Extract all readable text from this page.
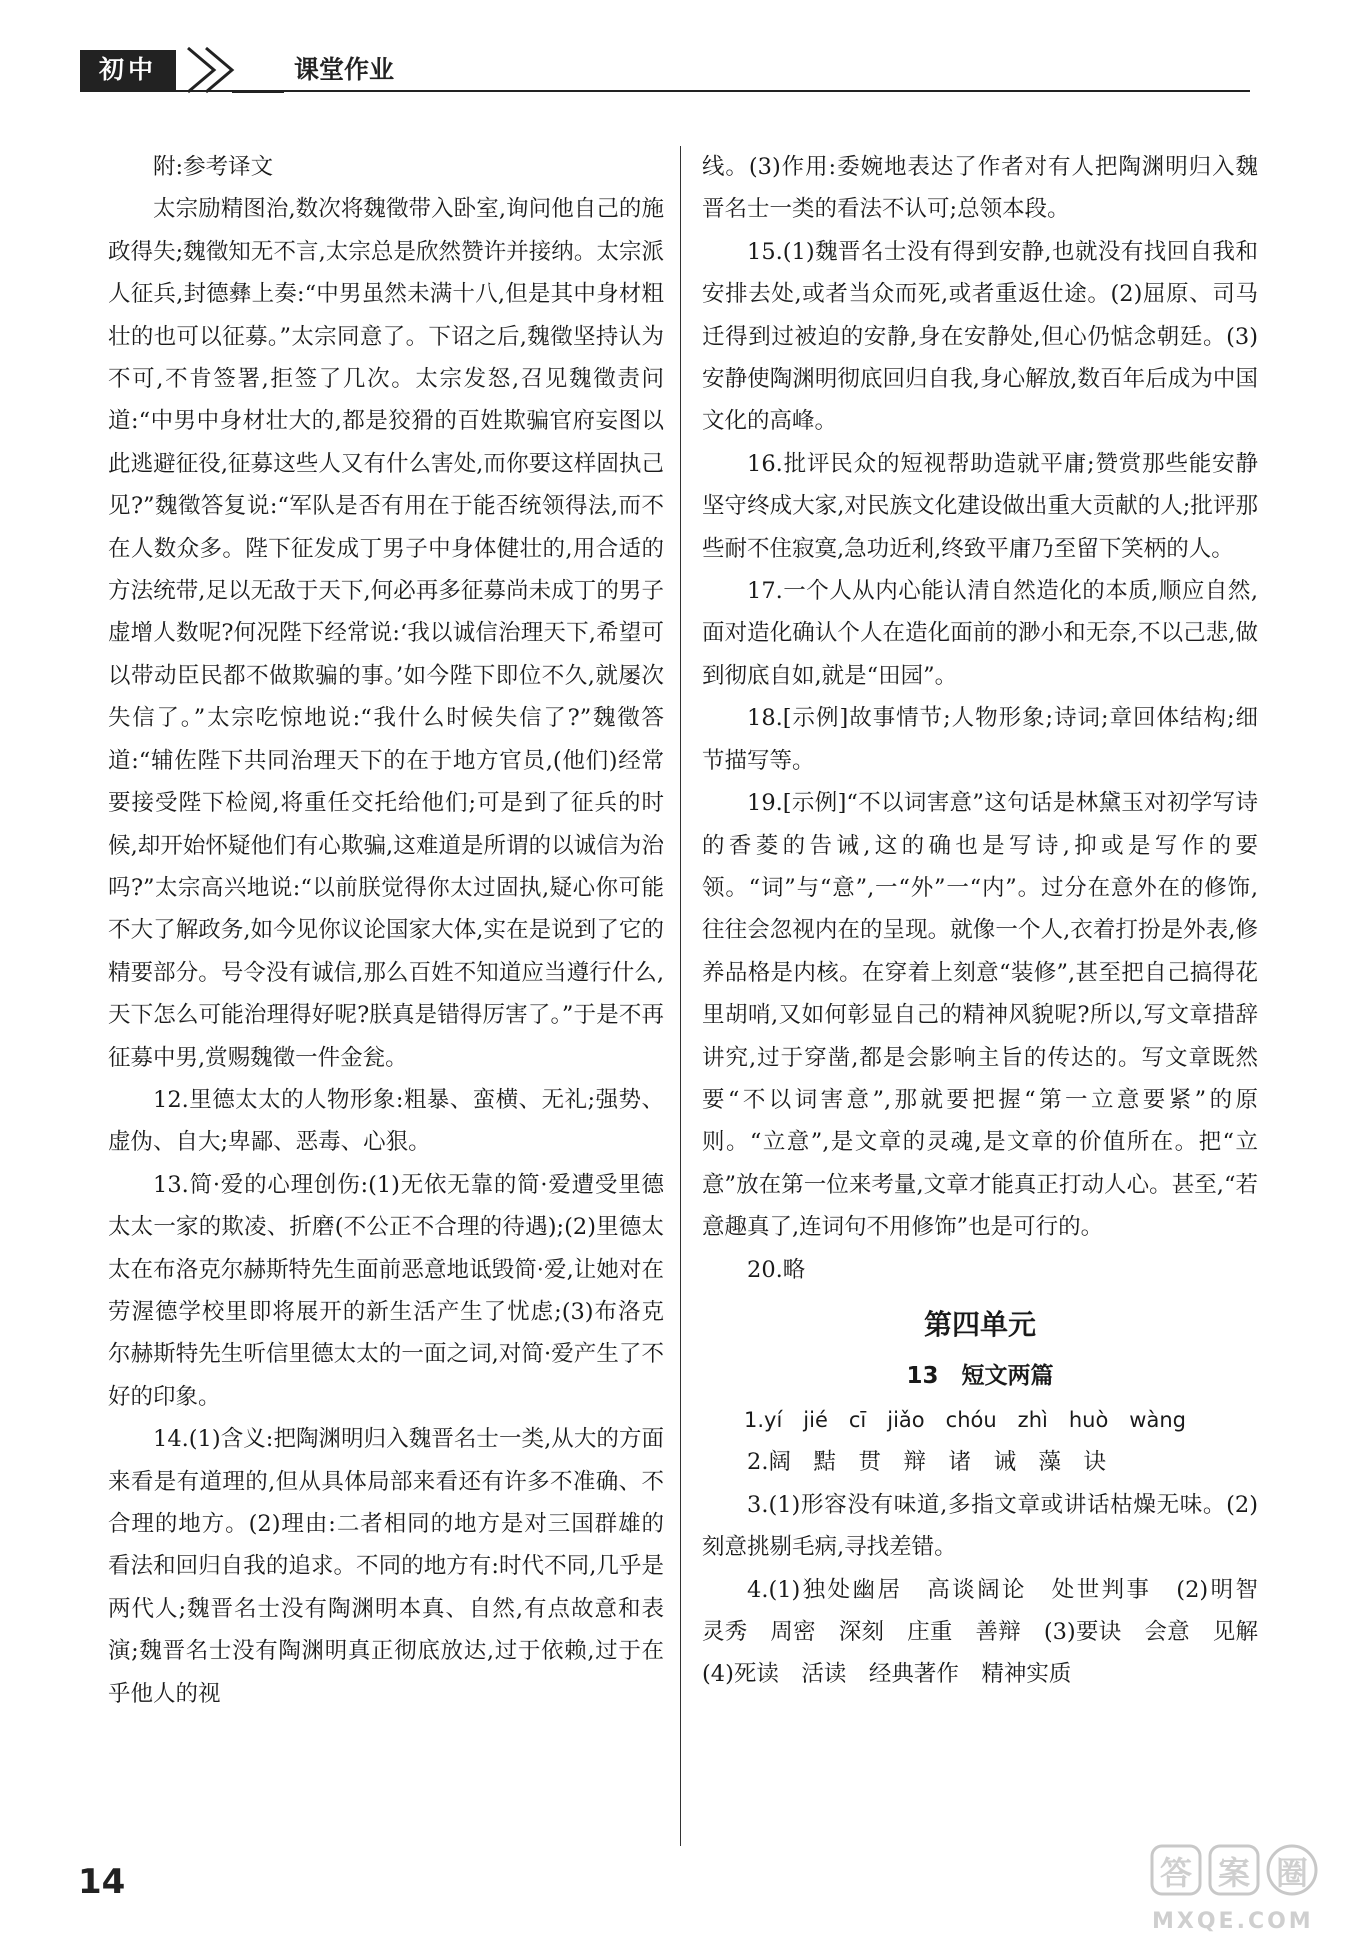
初中	课堂作业

附:参考译文

太宗励精图治,数次将魏徵带入卧室,询问他自己的施政得失;魏徵知无不言,太宗总是欣然赞许并接纳。太宗派人征兵,封德彝上奏:“中男虽然未满十八,但是其中身材粗壮的也可以征募。”太宗同意了。下诏之后,魏徵坚持认为不可,不肯签署,拒签了几次。太宗发怒,召见魏徵责问道:“中男中身材壮大的,都是狡猾的百姓欺骗官府妄图以此逃避征役,征募这些人又有什么害处,而你要这样固执己见?”魏徵答复说:“军队是否有用在于能否统领得法,而不在人数众多。陛下征发成丁男子中身体健壮的,用合适的方法统带,足以无敌于天下,何必再多征募尚未成丁的男子虚增人数呢?何况陛下经常说:‘我以诚信治理天下,希望可以带动臣民都不做欺骗的事。’如今陛下即位不久,就屡次失信了。”太宗吃惊地说:“我什么时候失信了?”魏徵答道:“辅佐陛下共同治理天下的在于地方官员,(他们)经常要接受陛下检阅,将重任交托给他们;可是到了征兵的时候,却开始怀疑他们有心欺骗,这难道是所谓的以诚信为治吗?”太宗高兴地说:“以前朕觉得你太过固执,疑心你可能不大了解政务,如今见你议论国家大体,实在是说到了它的精要部分。号令没有诚信,那么百姓不知道应当遵行什么,天下怎么可能治理得好呢?朕真是错得厉害了。”于是不再征募中男,赏赐魏徵一件金瓮。

12.里德太太的人物形象:粗暴、蛮横、无礼;强势、虚伪、自大;卑鄙、恶毒、心狠。

13.简·爱的心理创伤:(1)无依无靠的简·爱遭受里德太太一家的欺凌、折磨(不公正不合理的待遇);(2)里德太太在布洛克尔赫斯特先生面前恶意地诋毁简·爱,让她对在劳渥德学校里即将展开的新生活产生了忧虑;(3)布洛克尔赫斯特先生听信里德太太的一面之词,对简·爱产生了不好的印象。

14.(1)含义:把陶渊明归入魏晋名士一类,从大的方面来看是有道理的,但从具体局部来看还有许多不准确、不合理的地方。(2)理由:二者相同的地方是对三国群雄的看法和回归自我的追求。不同的地方有:时代不同,几乎是两代人;魏晋名士没有陶渊明本真、自然,有点故意和表演;魏晋名士没有陶渊明真正彻底放达,过于依赖,过于在乎他人的视

线。(3)作用:委婉地表达了作者对有人把陶渊明归入魏晋名士一类的看法不认可;总领本段。

15.(1)魏晋名士没有得到安静,也就没有找回自我和安排去处,或者当众而死,或者重返仕途。(2)屈原、司马迁得到过被迫的安静,身在安静处,但心仍惦念朝廷。(3)安静使陶渊明彻底回归自我,身心解放,数百年后成为中国文化的高峰。

16.批评民众的短视帮助造就平庸;赞赏那些能安静坚守终成大家,对民族文化建设做出重大贡献的人;批评那些耐不住寂寞,急功近利,终致平庸乃至留下笑柄的人。

17.一个人从内心能认清自然造化的本质,顺应自然,面对造化确认个人在造化面前的渺小和无奈,不以己悲,做到彻底自如,就是“田园”。

18.[示例]故事情节;人物形象;诗词;章回体结构;细节描写等。

19.[示例]“不以词害意”这句话是林黛玉对初学写诗的香菱的告诫,这的确也是写诗,抑或是写作的要领。“词”与“意”,一“外”一“内”。过分在意外在的修饰,往往会忽视内在的呈现。就像一个人,衣着打扮是外表,修养品格是内核。在穿着上刻意“装修”,甚至把自己搞得花里胡哨,又如何彰显自己的精神风貌呢?所以,写文章措辞讲究,过于穿凿,都是会影响主旨的传达的。写文章既然要“不以词害意”,那就要把握“第一立意要紧”的原则。“立意”,是文章的灵魂,是文章的价值所在。把“立意”放在第一位来考量,文章才能真正打动人心。甚至,“若意趣真了,连词句不用修饰”也是可行的。

20.略

第四单元

13　短文两篇

1.yí　jié　cī　jiǎo　chóu　zhì　huò　wàng

2.阔　黠　贯　辩　诸　诫　藻　诀

3.(1)形容没有味道,多指文章或讲话枯燥无味。(2)刻意挑剔毛病,寻找差错。

4.(1)独处幽居　高谈阔论　处世判事　(2)明智　灵秀　周密　深刻　庄重　善辩　(3)要诀　会意　见解　(4)死读　活读　经典著作　精神实质

14	答案圈
MXQE.COM
